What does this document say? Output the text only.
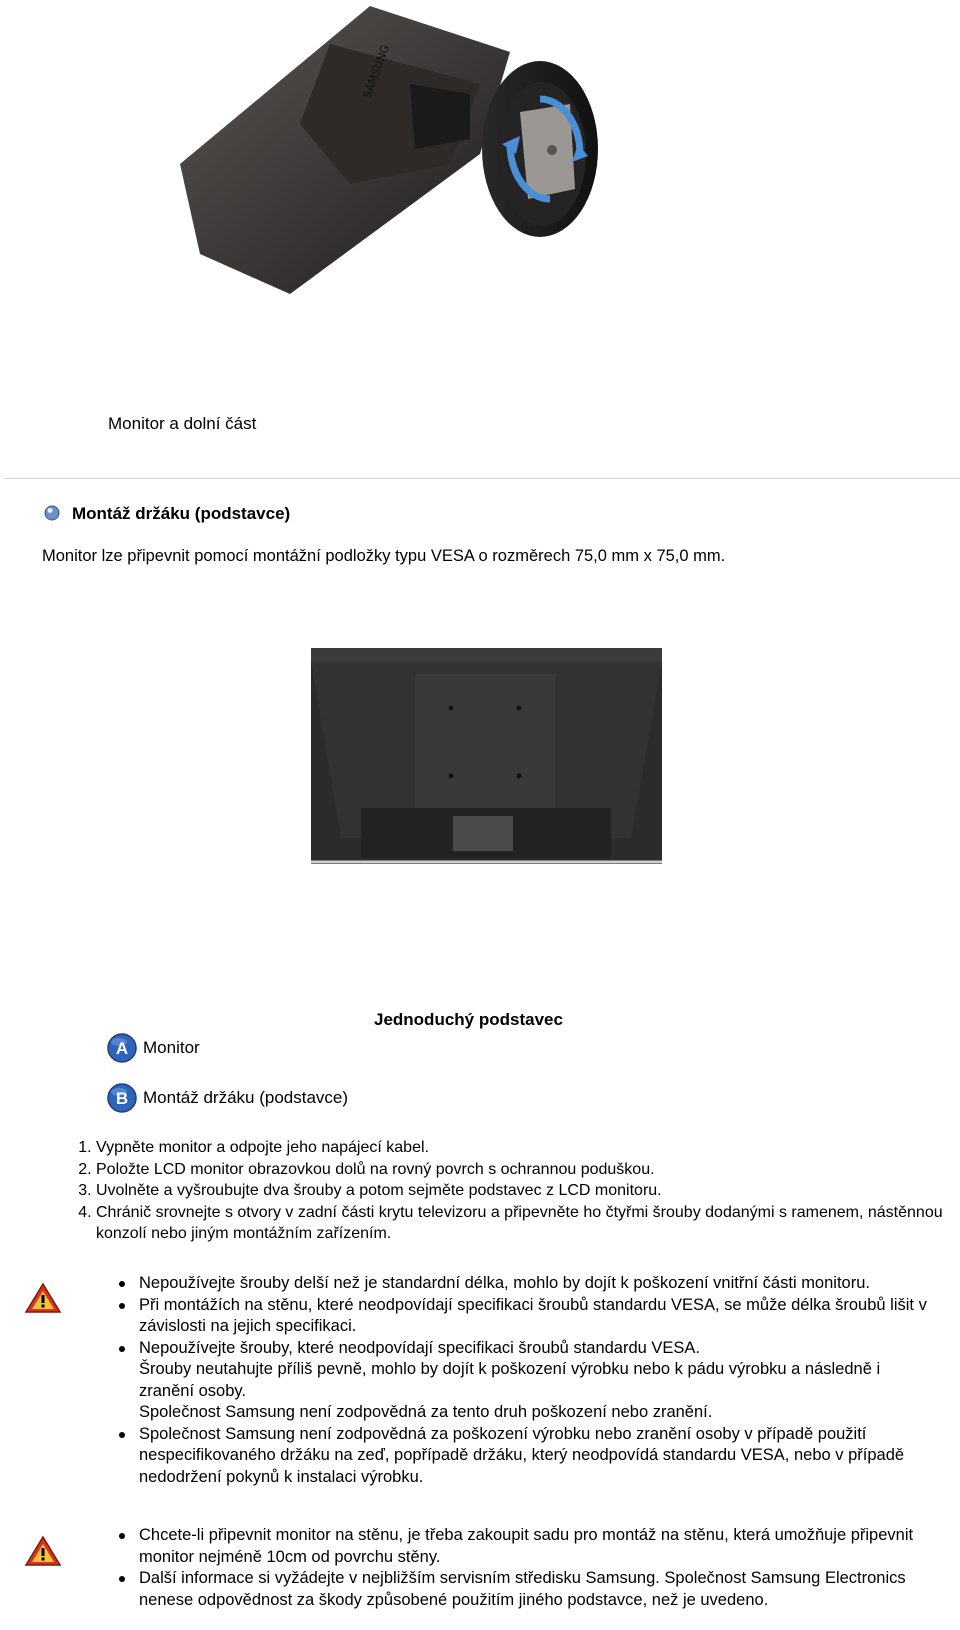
SAMSUNG
Monitor a dolní část
Montáž držáku (podstavce)
Monitor lze připevnit pomocí montážní podložky typu VESA o rozměrech 75,0 mm x 75,0 mm.
Jednoduchý podstavec
A Monitor
B Montáž držáku (podstavce)
1. Vypněte monitor a odpojte jeho napájecí kabel.
2. Položte LCD monitor obrazovkou dolů na rovný povrch s ochrannou poduškou.
3. Uvolněte a vyšroubujte dva šrouby a potom sejměte podstavec z LCD monitoru.
4. Chránič srovnejte s otvory v zadní části krytu televizoru a připevněte ho čtyřmi šrouby dodanými s ramenem, nástěnnou konzolí nebo jiným montážním zařízením.
Nepoužívejte šrouby delší než je standardní délka, mohlo by dojít k poškození vnitřní části monitoru.
Při montážích na stěnu, které neodpovídají specifikaci šroubů standardu VESA, se může délka šroubů lišit v závislosti na jejich specifikaci.
Nepoužívejte šrouby, které neodpovídají specifikaci šroubů standardu VESA.
Šrouby neutahujte příliš pevně, mohlo by dojít k poškození výrobku nebo k pádu výrobku a následně i zranění osoby.
Společnost Samsung není zodpovědná za tento druh poškození nebo zranění.
Společnost Samsung není zodpovědná za poškození výrobku nebo zranění osoby v případě použití nespecifikovaného držáku na zeď, popřípadě držáku, který neodpovídá standardu VESA, nebo v případě nedodržení pokynů k instalaci výrobku.
Chcete-li připevnit monitor na stěnu, je třeba zakoupit sadu pro montáž na stěnu, která umožňuje připevnit monitor nejméně 10cm od povrchu stěny.
Další informace si vyžádejte v nejbližším servisním středisku Samsung. Společnost Samsung Electronics nenese odpovědnost za škody způsobené použitím jiného podstavce, než je uvedeno.
